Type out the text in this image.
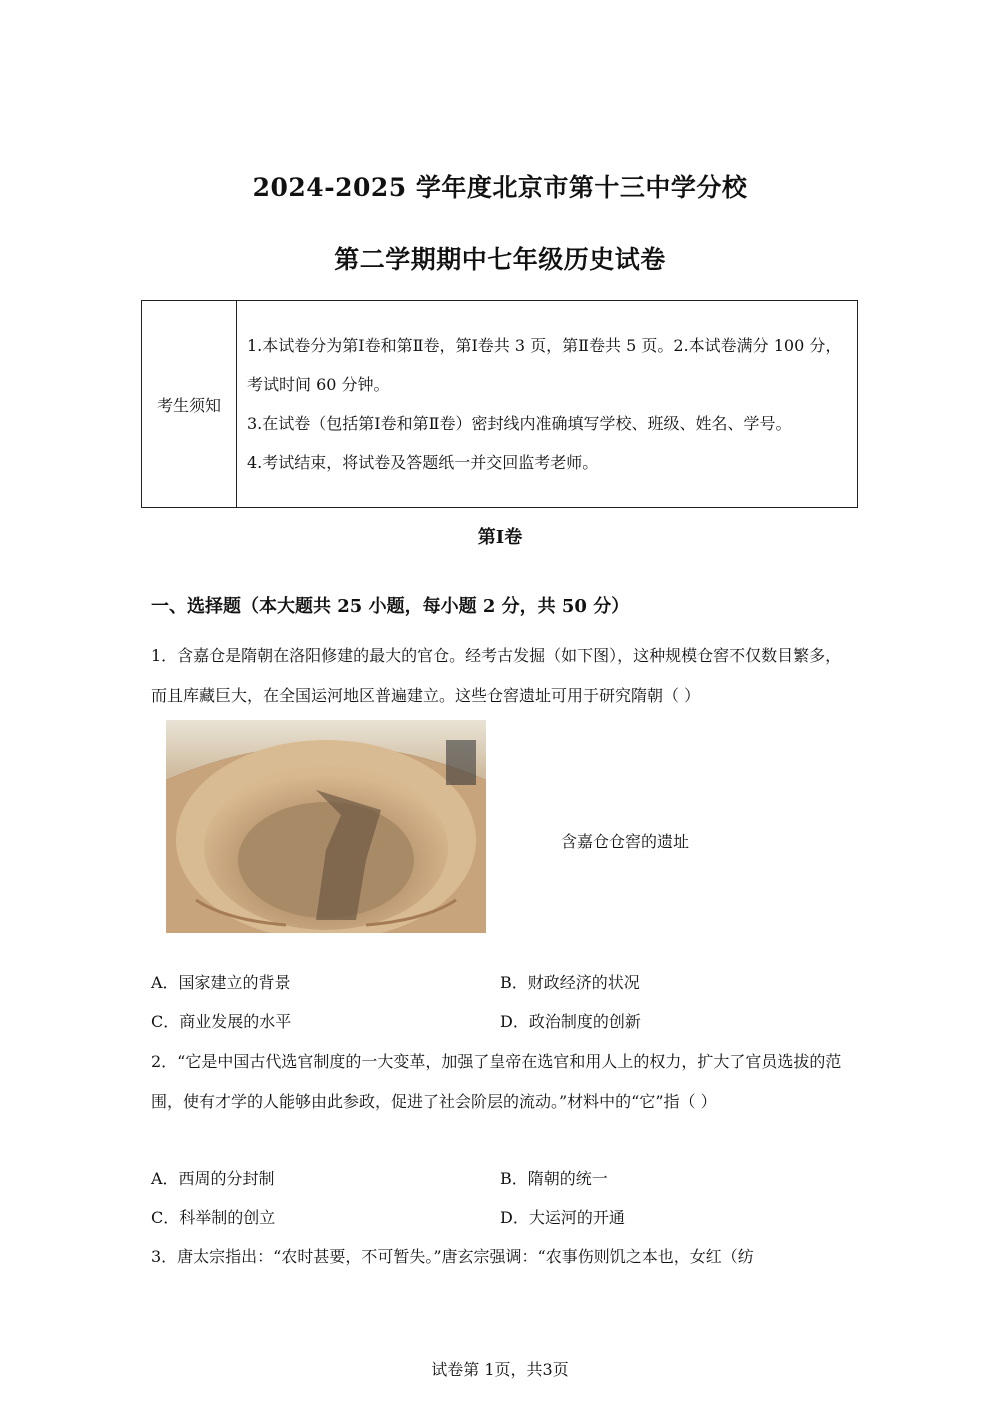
2024-2025 学年度北京市第十三中学分校
第二学期期中七年级历史试卷
考生须知	
1.本试卷分为第Ⅰ卷和第Ⅱ卷，第Ⅰ卷共 3 页，第Ⅱ卷共 5 页。2.本试卷满分 100 分，考试时间 60 分钟。
3.在试卷（包括第Ⅰ卷和第Ⅱ卷）密封线内准确填写学校、班级、姓名、学号。
4.考试结束，将试卷及答题纸一并交回监考老师。
第Ⅰ卷
一、选择题（本大题共 25 小题，每小题 2 分，共 50 分）
1．含嘉仓是隋朝在洛阳修建的最大的官仓。经考古发掘（如下图），这种规模仓窖不仅数目繁多，而且库藏巨大，在全国运河地区普遍建立。这些仓窖遗址可用于研究隋朝（ ）
含嘉仓仓窖的遗址
A．国家建立的背景	B．财政经济的状况
C．商业发展的水平	D．政治制度的创新
2．“它是中国古代选官制度的一大变革，加强了皇帝在选官和用人上的权力，扩大了官员选拔的范围，使有才学的人能够由此参政，促进了社会阶层的流动。”材料中的“它”指（ ）
A．西周的分封制	B．隋朝的统一
C．科举制的创立	D．大运河的开通
3．唐太宗指出：“农时甚要，不可暂失。”唐玄宗强调：“农事伤则饥之本也，女红（纺
试卷第 1页，共3页
